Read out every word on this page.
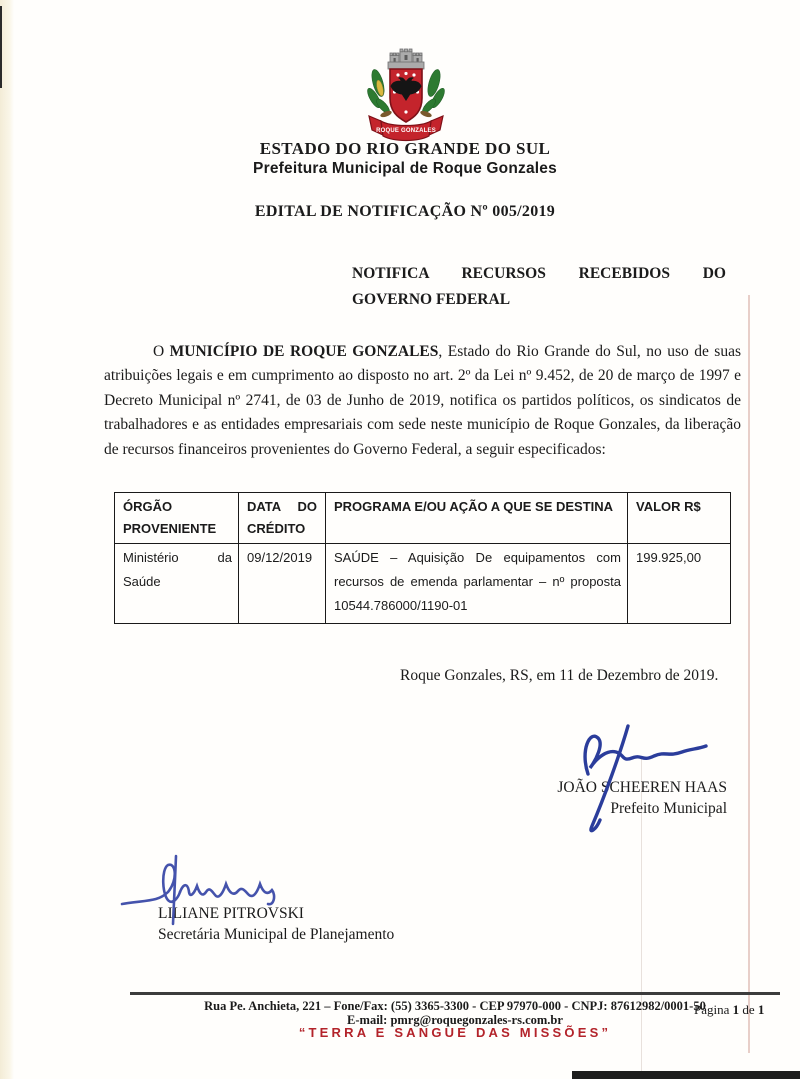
ROQUE GONZALES
ESTADO DO RIO GRANDE DO SUL
Prefeitura Municipal de Roque Gonzales
EDITAL DE NOTIFICAÇÃO Nº 005/2019
NOTIFICA RECURSOS RECEBIDOS DO
GOVERNO FEDERAL
O MUNICÍPIO DE ROQUE GONZALES, Estado do Rio Grande do Sul, no uso de suas atribuições legais e em cumprimento ao disposto no art. 2º da Lei nº 9.452, de 20 de março de 1997 e Decreto Municipal nº 2741, de 03 de Junho de 2019, notifica os partidos políticos, os sindicatos de trabalhadores e as entidades empresariais com sede neste município de Roque Gonzales, da liberação de recursos financeiros provenientes do Governo Federal, a seguir especificados:
ÓRGÃO PROVENIENTE	DATA DO CRÉDITO	PROGRAMA E/OU AÇÃO A QUE SE DESTINA	VALOR R$
Ministério da Saúde	09/12/2019	SAÚDE – Aquisição De equipamentos com recursos de emenda parlamentar – nº proposta 10544.786000/1190-01	199.925,00
Roque Gonzales, RS, em 11 de Dezembro de 2019.
JOÃO SCHEEREN HAAS
Prefeito Municipal
LILIANE PITROVSKI
Secretária Municipal de Planejamento
Rua Pe. Anchieta, 221 – Fone/Fax: (55) 3365-3300 - CEP 97970-000 - CNPJ: 87612982/0001-50
E-mail: pmrg@roquegonzales-rs.com.br
“TERRA E SANGUE DAS MISSÕES”
Página 1 de 1
